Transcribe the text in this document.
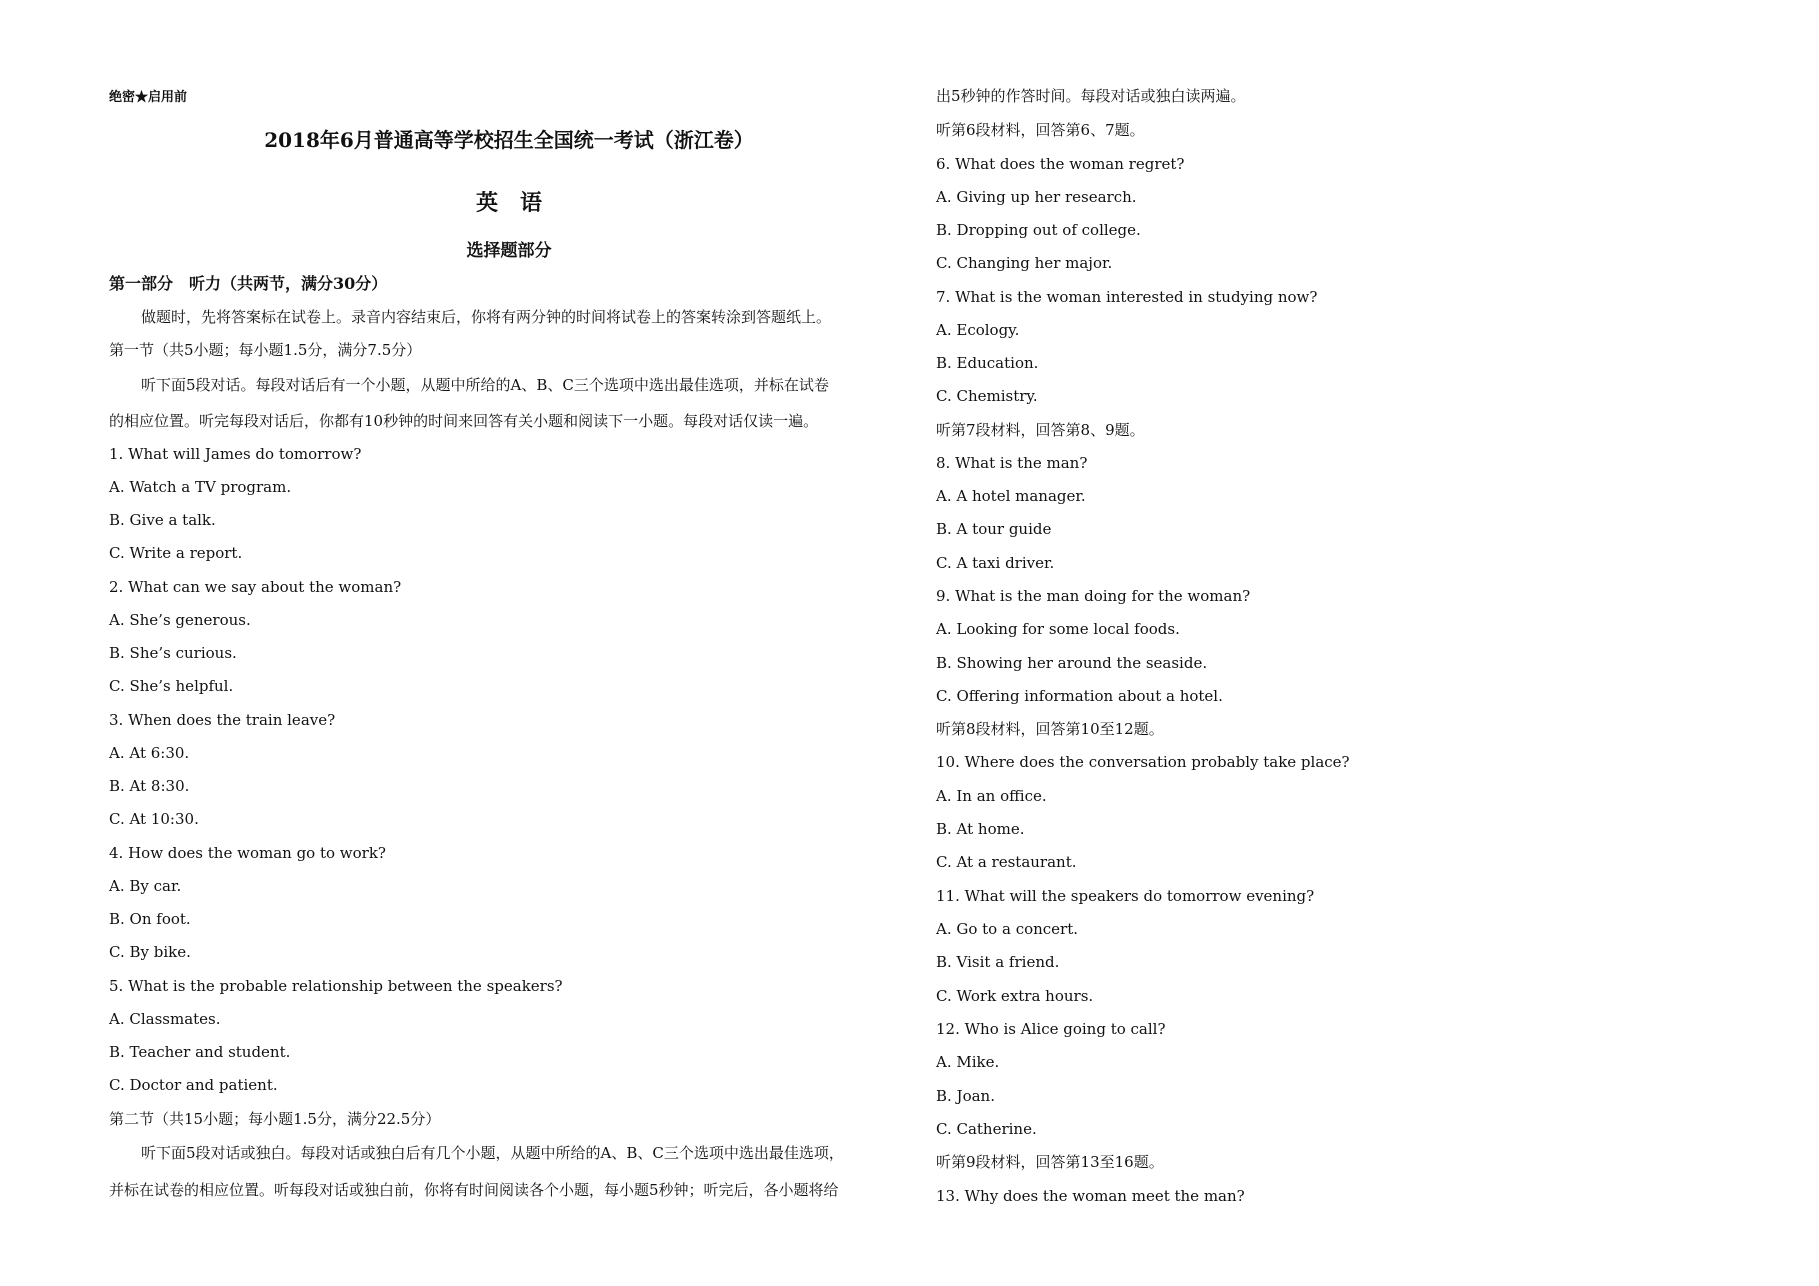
绝密★启用前
2018年6月普通高等学校招生全国统一考试（浙江卷）
英 语
选择题部分
第一部分　听力（共两节，满分30分）
做题时，先将答案标在试卷上。录音内容结束后，你将有两分钟的时间将试卷上的答案转涂到答题纸上。
第一节（共5小题；每小题1.5分，满分7.5分）
听下面5段对话。每段对话后有一个小题，从题中所给的A、B、C三个选项中选出最佳选项，并标在试卷
的相应位置。听完每段对话后，你都有10秒钟的时间来回答有关小题和阅读下一小题。每段对话仅读一遍。
1. What will James do tomorrow?
A. Watch a TV program.
B. Give a talk.
C. Write a report.
2. What can we say about the woman?
A. She’s generous.
B. She’s curious.
C. She’s helpful.
3. When does the train leave?
A. At 6:30.
B. At 8:30.
C. At 10:30.
4. How does the woman go to work?
A. By car.
B. On foot.
C. By bike.
5. What is the probable relationship between the speakers?
A. Classmates.
B. Teacher and student.
C. Doctor and patient.
第二节（共15小题；每小题1.5分，满分22.5分）
听下面5段对话或独白。每段对话或独白后有几个小题，从题中所给的A、B、C三个选项中选出最佳选项，
并标在试卷的相应位置。听每段对话或独白前，你将有时间阅读各个小题，每小题5秒钟；听完后，各小题将给
出5秒钟的作答时间。每段对话或独白读两遍。
听第6段材料，回答第6、7题。
6. What does the woman regret?
A. Giving up her research.
B. Dropping out of college.
C. Changing her major.
7. What is the woman interested in studying now?
A. Ecology.
B. Education.
C. Chemistry.
听第7段材料，回答第8、9题。
8. What is the man?
A. A hotel manager.
B. A tour guide
C. A taxi driver.
9. What is the man doing for the woman?
A. Looking for some local foods.
B. Showing her around the seaside.
C. Offering information about a hotel.
听第8段材料，回答第10至12题。
10. Where does the conversation probably take place?
A. In an office.
B. At home.
C. At a restaurant.
11. What will the speakers do tomorrow evening?
A. Go to a concert.
B. Visit a friend.
C. Work extra hours.
12. Who is Alice going to call?
A. Mike.
B. Joan.
C. Catherine.
听第9段材料，回答第13至16题。
13. Why does the woman meet the man?
